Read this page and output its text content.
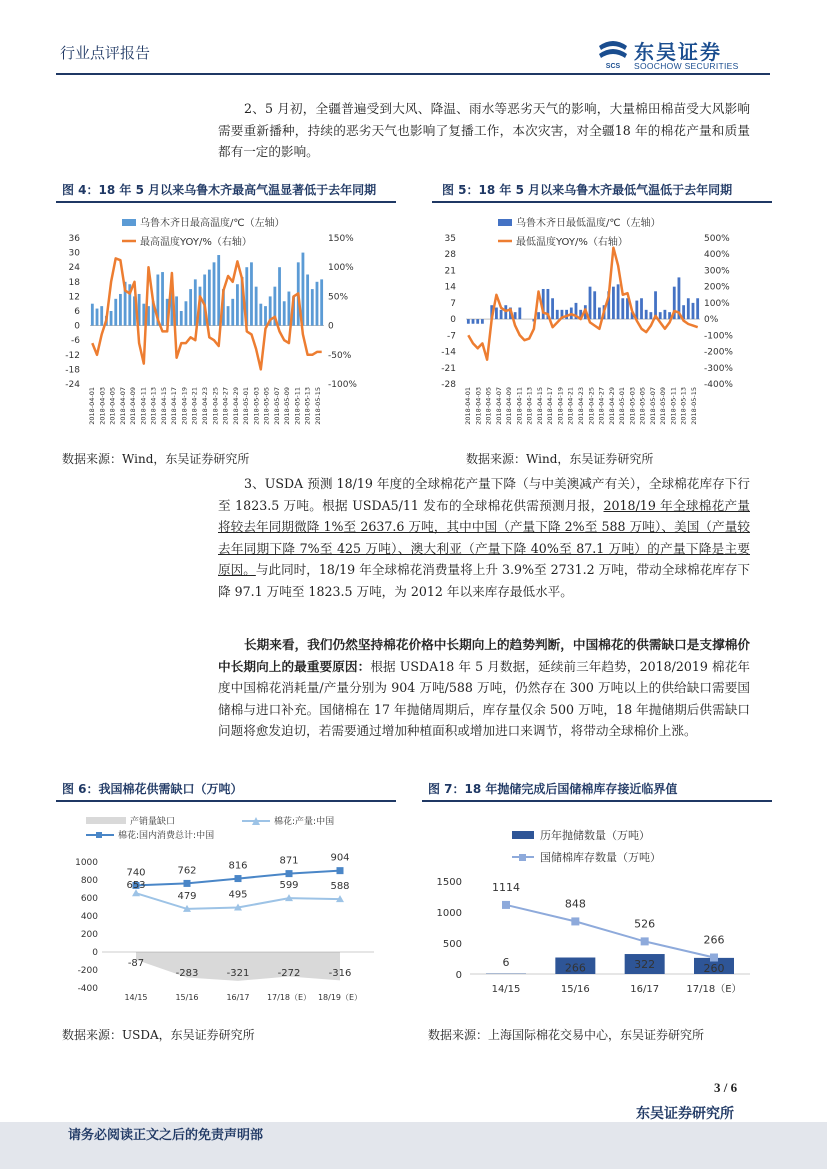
行业点评报告
SCS
东吴证券
SOOCHOW SECURITIES

2、5 月初，全疆普遍受到大风、降温、雨水等恶劣天气的影响，大量棉田棉苗受大风影响需要重新播种，持续的恶劣天气也影响了复播工作，本次灾害，对全疆18 年的棉花产量和质量都有一定的影响。

图 4：18 年 5 月以来乌鲁木齐最高气温显著低于去年同期	图 5：18 年 5 月以来乌鲁木齐最低气温低于去年同期
乌鲁木齐日最高温度/℃（左轴）
最高温度YOY/%（右轴）
36
30
24
18
12
6
0
-6
-12
-18
-24
150%
100%
50%
0
-50%
-100%
2018-04-01 2018-04-03 2018-04-05 2018-04-07 2018-04-09 2018-04-11 2018-04-13 2018-04-15 2018-04-17 2018-04-19 2018-04-21 2018-04-23 2018-04-25 2018-04-27 2018-04-29 2018-05-01 2018-05-03 2018-05-05 2018-05-07 2018-05-09 2018-05-11 2018-05-13 2018-05-15
乌鲁木齐日最低温度/℃（左轴）
最低温度YOY/%（右轴）
35
28
21
14
7
0
-7
-14
-21
-28
500%
400%
300%
200%
100%
0%
-100%
-200%
-300%
-400%
2018-04-01 2018-04-03 2018-04-05 2018-04-07 2018-04-09 2018-04-11 2018-04-13 2018-04-15 2018-04-17 2018-04-19 2018-04-21 2018-04-23 2018-04-25 2018-04-27 2018-04-29 2018-05-01 2018-05-03 2018-05-05 2018-05-07 2018-05-09 2018-05-11 2018-05-13 2018-05-15
数据来源：Wind，东吴证券研究所	数据来源：Wind，东吴证券研究所

3、USDA 预测 18/19 年度的全球棉花产量下降（与中美澳减产有关），全球棉花库存下行至 1823.5 万吨。根据 USDA5/11 发布的全球棉花供需预测月报，2018/19 年全球棉花产量将较去年同期微降 1%至 2637.6 万吨，其中中国（产量下降 2%至 588 万吨）、美国（产量较去年同期下降 7%至 425 万吨）、澳大利亚（产量下降 40%至 87.1 万吨）的产量下降是主要原因。与此同时，18/19 年全球棉花消费量将上升 3.9%至 2731.2 万吨，带动全球棉花库存下降 97.1 万吨至 1823.5 万吨，为 2012 年以来库存最低水平。

长期来看，我们仍然坚持棉花价格中长期向上的趋势判断，中国棉花的供需缺口是支撑棉价中长期向上的最重要原因：根据 USDA18 年 5 月数据，延续前三年趋势，2018/2019 棉花年度中国棉花消耗量/产量分别为 904 万吨/588 万吨，仍然存在 300 万吨以上的供给缺口需要国储棉与进口补充。国储棉在 17 年抛储周期后，库存量仅余 500 万吨，18 年抛储期后供需缺口问题将愈发迫切，若需要通过增加种植面积或增加进口来调节，将带动全球棉价上涨。

图 6：我国棉花供需缺口（万吨）	图 7：18 年抛储完成后国储棉库存接近临界值
产销量缺口	棉花:产量:中国
棉花:国内消费总计:中国
1000
800
600
400
200
0
-200
-400
740	762	816	871	904
653
479	495
599	588
-87
-283	-321	-272	-316
14/15	15/16	16/17 17/18（E） 18/19（E）
历年抛储数量（万吨）
国储棉库存数量（万吨）
1500
1000
500
0
1114
848
526
266
6	266	322	260
14/15	15/16	16/17	17/18（E）
数据来源：USDA，东吴证券研究所	数据来源：上海国际棉花交易中心，东吴证券研究所
3 / 6
东吴证券研究所
请务必阅读正文之后的免责声明部
